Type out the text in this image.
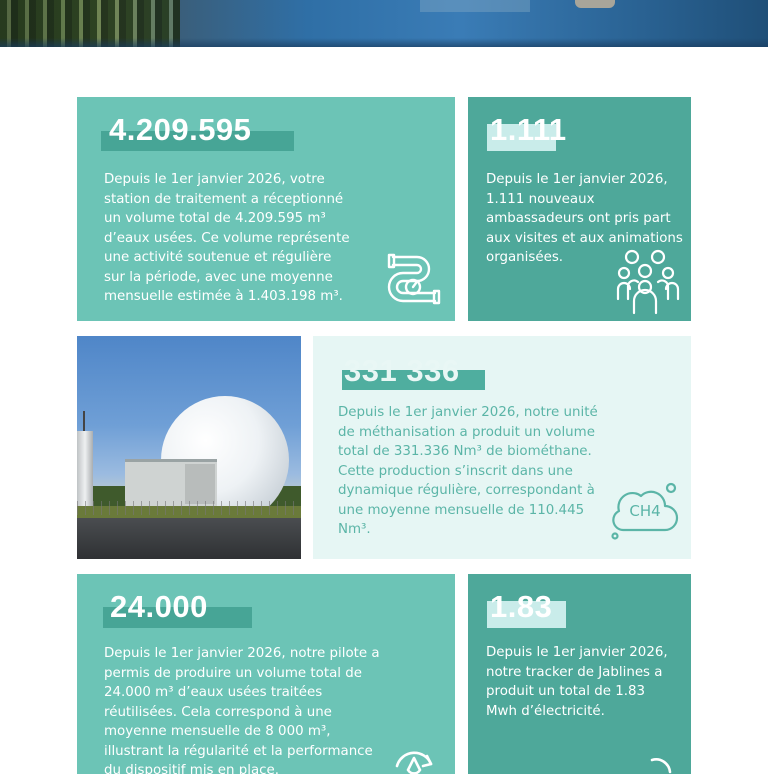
4.209.595
Depuis le 1er janvier 2026, votre
station de traitement a réceptionné
un volume total de 4.209.595 m³
d’eaux usées. Ce volume représente
une activité soutenue et régulière
sur la période, avec une moyenne
mensuelle estimée à 1.403.198 m³.
1.111
Depuis le 1er janvier 2026,
1.111 nouveaux
ambassadeurs ont pris part
aux visites et aux animations
organisées.
331 336
Depuis le 1er janvier 2026, notre unité
de méthanisation a produit un volume
total de 331.336 Nm³ de biométhane.
Cette production s’inscrit dans une
dynamique régulière, correspondant à
une moyenne mensuelle de 110.445
Nm³.
CH4
24.000
Depuis le 1er janvier 2026, notre pilote a
permis de produire un volume total de
24.000 m³ d’eaux usées traitées
réutilisées. Cela correspond à une
moyenne mensuelle de 8 000 m³,
illustrant la régularité et la performance
du dispositif mis en place.
1.83
Depuis le 1er janvier 2026,
notre tracker de Jablines a
produit un total de 1.83
Mwh d’électricité.
